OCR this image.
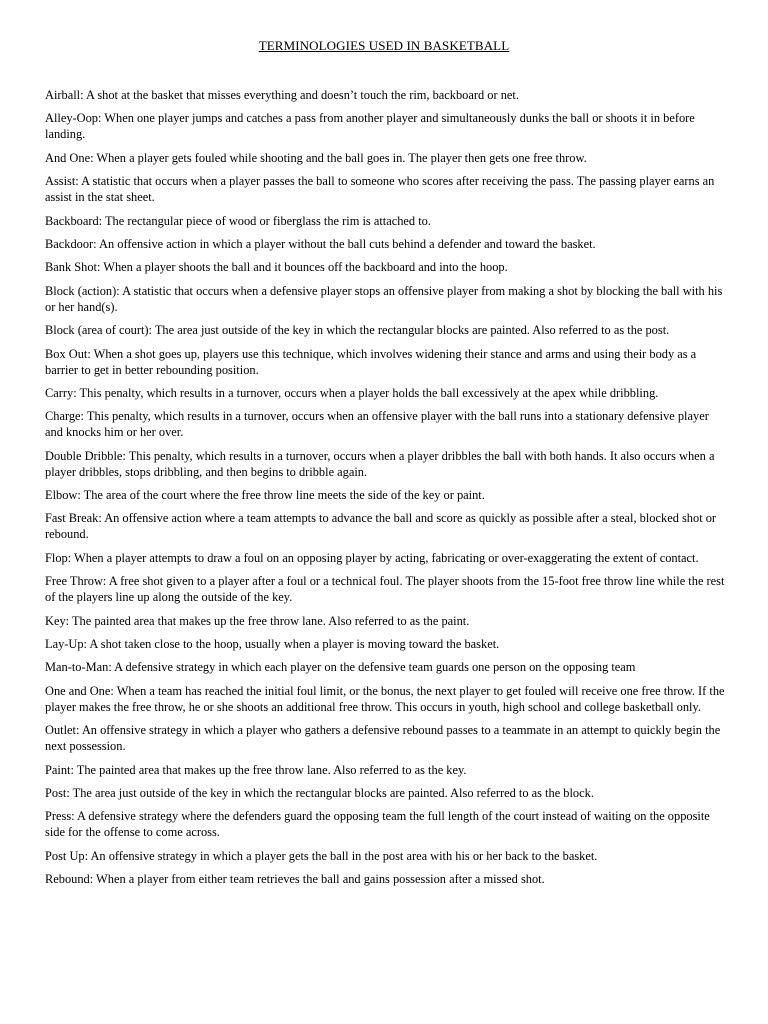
TERMINOLOGIES USED IN BASKETBALL
Airball: A shot at the basket that misses everything and doesn’t touch the rim, backboard or net.
Alley-Oop: When one player jumps and catches a pass from another player and simultaneously dunks the ball or shoots it in before landing.
And One: When a player gets fouled while shooting and the ball goes in. The player then gets one free throw.
Assist: A statistic that occurs when a player passes the ball to someone who scores after receiving the pass. The passing player earns an assist in the stat sheet.
Backboard: The rectangular piece of wood or fiberglass the rim is attached to.
Backdoor: An offensive action in which a player without the ball cuts behind a defender and toward the basket.
Bank Shot: When a player shoots the ball and it bounces off the backboard and into the hoop.
Block (action): A statistic that occurs when a defensive player stops an offensive player from making a shot by blocking the ball with his or her hand(s).
Block (area of court): The area just outside of the key in which the rectangular blocks are painted. Also referred to as the post.
Box Out: When a shot goes up, players use this technique, which involves widening their stance and arms and using their body as a barrier to get in better rebounding position.
Carry: This penalty, which results in a turnover, occurs when a player holds the ball excessively at the apex while dribbling.
Charge: This penalty, which results in a turnover, occurs when an offensive player with the ball runs into a stationary defensive player and knocks him or her over.
Double Dribble: This penalty, which results in a turnover, occurs when a player dribbles the ball with both hands. It also occurs when a player dribbles, stops dribbling, and then begins to dribble again.
Elbow: The area of the court where the free throw line meets the side of the key or paint.
Fast Break: An offensive action where a team attempts to advance the ball and score as quickly as possible after a steal, blocked shot or rebound.
Flop: When a player attempts to draw a foul on an opposing player by acting, fabricating or over-exaggerating the extent of contact.
Free Throw: A free shot given to a player after a foul or a technical foul. The player shoots from the 15-foot free throw line while the rest of the players line up along the outside of the key.
Key: The painted area that makes up the free throw lane. Also referred to as the paint.
Lay-Up: A shot taken close to the hoop, usually when a player is moving toward the basket.
Man-to-Man: A defensive strategy in which each player on the defensive team guards one person on the opposing team
One and One: When a team has reached the initial foul limit, or the bonus, the next player to get fouled will receive one free throw. If the player makes the free throw, he or she shoots an additional free throw. This occurs in youth, high school and college basketball only.
Outlet: An offensive strategy in which a player who gathers a defensive rebound passes to a teammate in an attempt to quickly begin the next possession.
Paint: The painted area that makes up the free throw lane. Also referred to as the key.
Post: The area just outside of the key in which the rectangular blocks are painted. Also referred to as the block.
Press: A defensive strategy where the defenders guard the opposing team the full length of the court instead of waiting on the opposite side for the offense to come across.
Post Up: An offensive strategy in which a player gets the ball in the post area with his or her back to the basket.
Rebound: When a player from either team retrieves the ball and gains possession after a missed shot.
